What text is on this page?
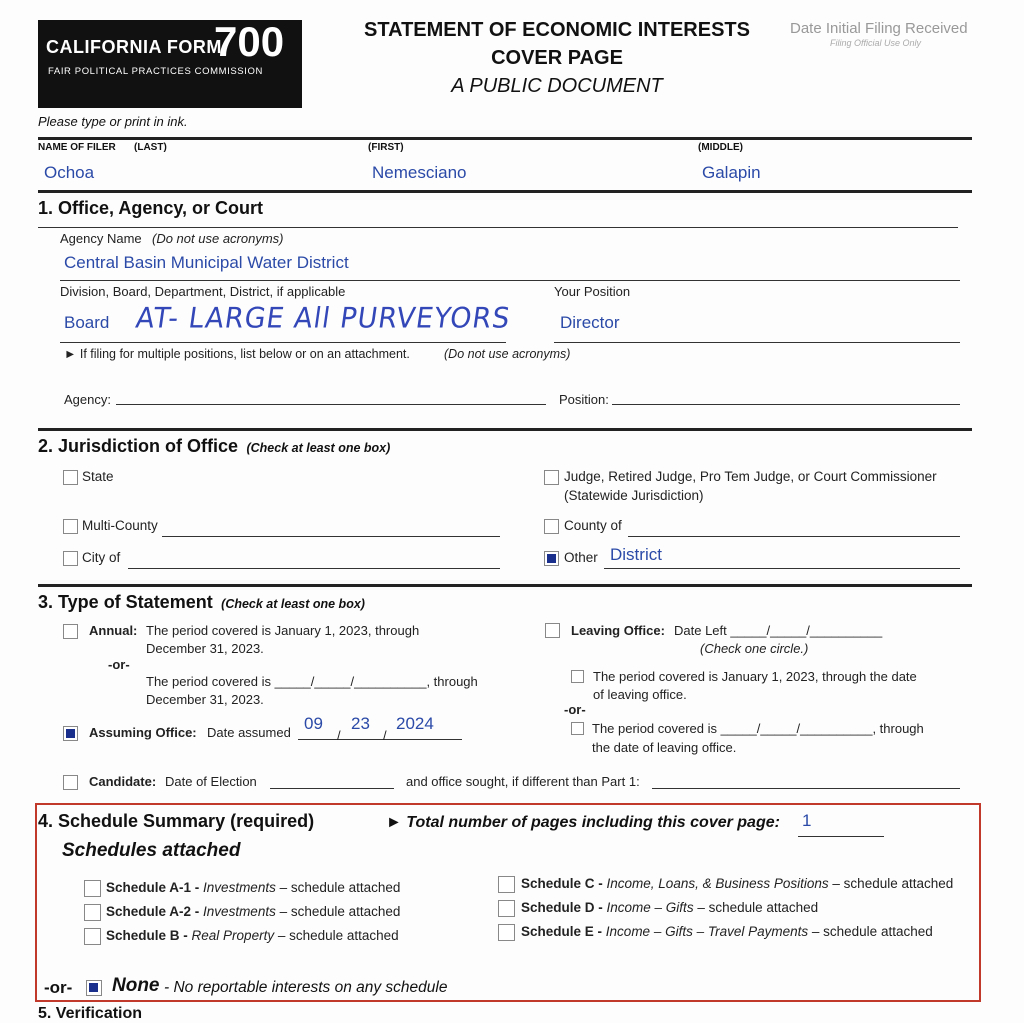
CALIFORNIA FORM
700
FAIR POLITICAL PRACTICES COMMISSION
STATEMENT OF ECONOMIC INTERESTS
COVER PAGE
A PUBLIC DOCUMENT
Date Initial Filing Received
Filing Official Use Only
Please type or print in ink.
NAME OF FILER (LAST)	(FIRST)	(MIDDLE)
Ochoa	Nemesciano	Galapin
1. Office, Agency, or Court
Agency Name (Do not use acronyms)
Central Basin Municipal Water District
Division, Board, Department, District, if applicable	Your Position
Board AT- LARGE All PURVEYORS	Director
► If filing for multiple positions, list below or on an attachment.	(Do not use acronyms)
Agency:	Position:
2. Jurisdiction of Office (Check at least one box)
State	Judge, Retired Judge, Pro Tem Judge, or Court Commissioner
(Statewide Jurisdiction)
Multi-County	County of
City of	Other District
3. Type of Statement (Check at least one box)
Annual: The period covered is January 1, 2023, through
December 31, 2023.
-or-
The period covered is _____/_____/__________, through
December 31, 2023.
Assuming Office: Date assumed 09
/
23
/
2024
Leaving Office: Date Left _____/_____/__________
(Check one circle.)
The period covered is January 1, 2023, through the date
of leaving office.
-or-
The period covered is _____/_____/__________, through
the date of leaving office.
Candidate: Date of Election	and office sought, if different than Part 1:
4. Schedule Summary (required)	► Total number of pages including this cover page: 1
Schedules attached
Schedule A-1 - Investments – schedule attached
Schedule A-2 - Investments – schedule attached
Schedule B - Real Property – schedule attached
Schedule C - Income, Loans, & Business Positions – schedule attached
Schedule D - Income – Gifts – schedule attached
Schedule E - Income – Gifts – Travel Payments – schedule attached
-or- None - No reportable interests on any schedule
5. Verification
